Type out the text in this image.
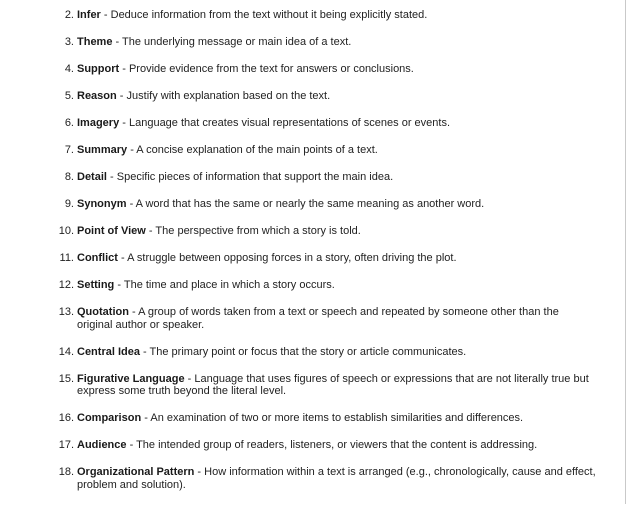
2. Infer - Deduce information from the text without it being explicitly stated.
3. Theme - The underlying message or main idea of a text.
4. Support - Provide evidence from the text for answers or conclusions.
5. Reason - Justify with explanation based on the text.
6. Imagery - Language that creates visual representations of scenes or events.
7. Summary - A concise explanation of the main points of a text.
8. Detail - Specific pieces of information that support the main idea.
9. Synonym - A word that has the same or nearly the same meaning as another word.
10. Point of View - The perspective from which a story is told.
11. Conflict - A struggle between opposing forces in a story, often driving the plot.
12. Setting - The time and place in which a story occurs.
13. Quotation - A group of words taken from a text or speech and repeated by someone other than the original author or speaker.
14. Central Idea - The primary point or focus that the story or article communicates.
15. Figurative Language - Language that uses figures of speech or expressions that are not literally true but express some truth beyond the literal level.
16. Comparison - An examination of two or more items to establish similarities and differences.
17. Audience - The intended group of readers, listeners, or viewers that the content is addressing.
18. Organizational Pattern - How information within a text is arranged (e.g., chronologically, cause and effect, problem and solution).
